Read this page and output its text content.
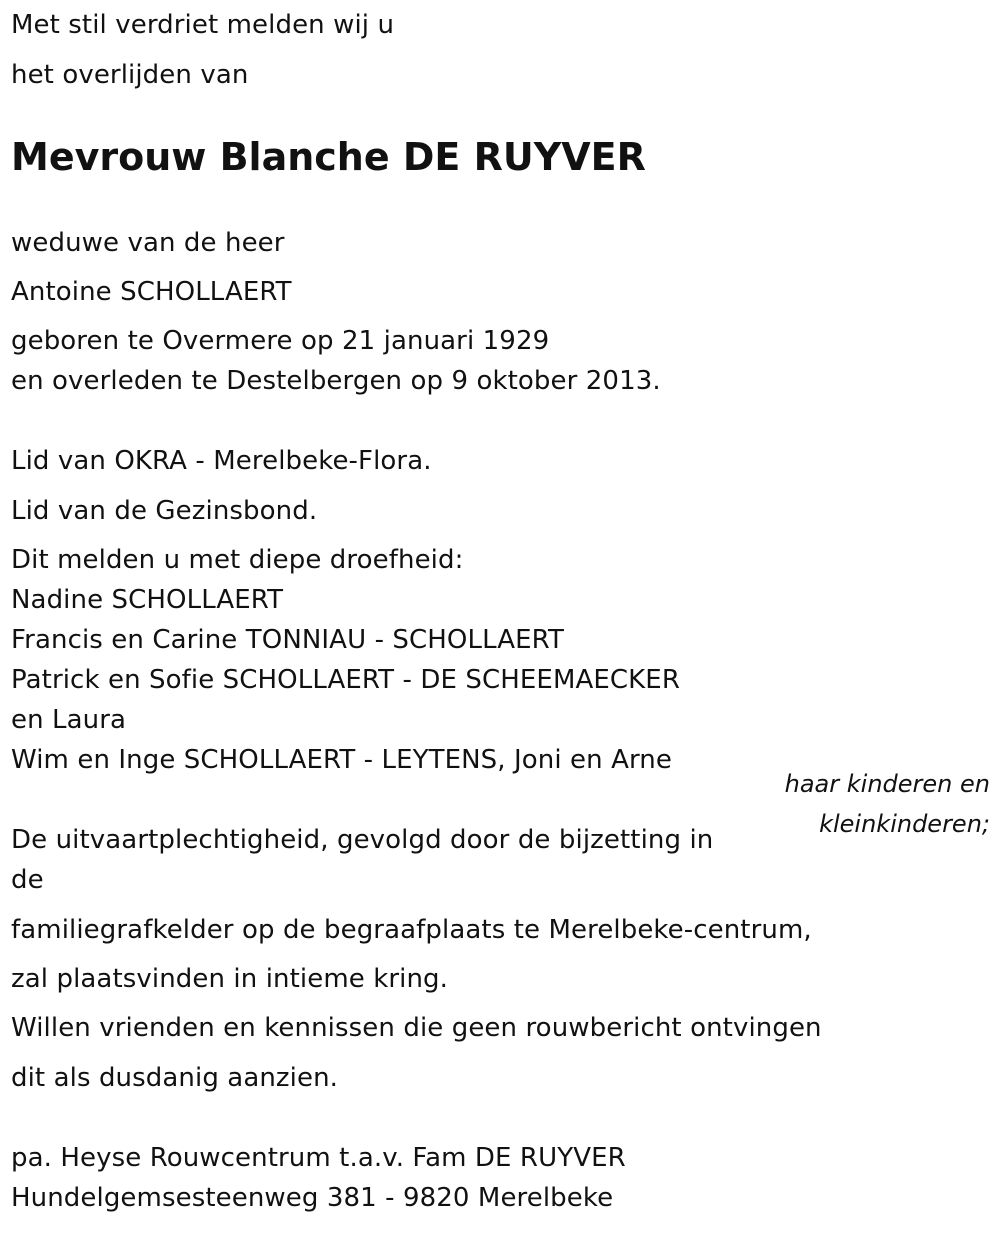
Met stil verdriet melden wij u

het overlijden van

Mevrouw Blanche DE RUYVER

weduwe van de heer

Antoine SCHOLLAERT

geboren te Overmere op 21 januari 1929

en overleden te Destelbergen op 9 oktober 2013.

Lid van OKRA - Merelbeke-Flora.

Lid van de Gezinsbond.

Dit melden u met diepe droefheid:

Nadine SCHOLLAERT

Francis en Carine TONNIAU - SCHOLLAERT

Patrick en Sofie SCHOLLAERT - DE SCHEEMAECKER

en Laura

Wim en Inge SCHOLLAERT - LEYTENS, Joni en Arne

haar kinderen en
kleinkinderen;

De uitvaartplechtigheid, gevolgd door de bijzetting in

de

familiegrafkelder op de begraafplaats te Merelbeke-centrum,

zal plaatsvinden in intieme kring.

Willen vrienden en kennissen die geen rouwbericht ontvingen

dit als dusdanig aanzien.

pa. Heyse Rouwcentrum t.a.v. Fam DE RUYVER

Hundelgemsesteenweg 381 - 9820 Merelbeke
